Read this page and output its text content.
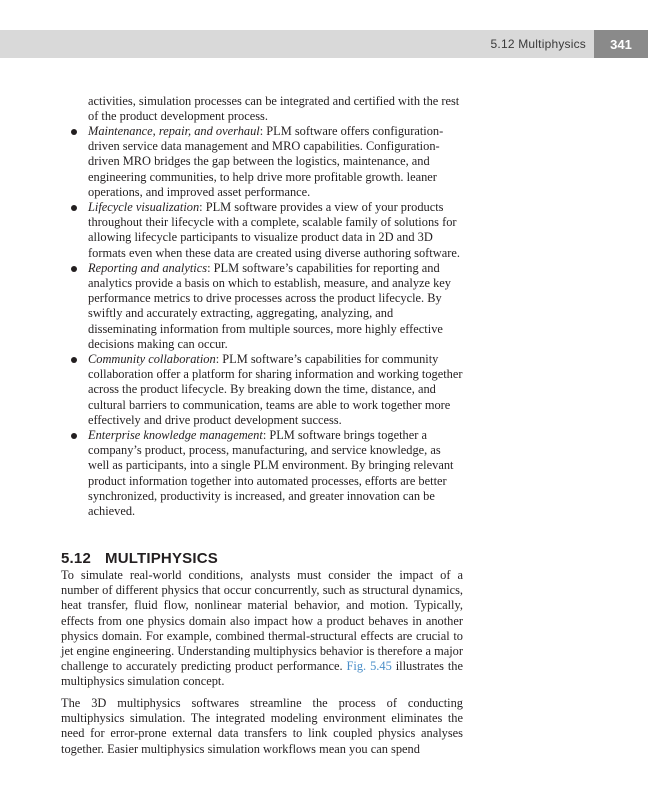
5.12 Multiphysics	341
activities, simulation processes can be integrated and certified with the rest of the product development process.
Maintenance, repair, and overhaul: PLM software offers configuration-driven service data management and MRO capabilities. Configuration-driven MRO bridges the gap between the logistics, maintenance, and engineering communities, to help drive more profitable growth. leaner operations, and improved asset performance.
Lifecycle visualization: PLM software provides a view of your products throughout their lifecycle with a complete, scalable family of solutions for allowing lifecycle participants to visualize product data in 2D and 3D formats even when these data are created using diverse authoring software.
Reporting and analytics: PLM software’s capabilities for reporting and analytics provide a basis on which to establish, measure, and analyze key performance metrics to drive processes across the product lifecycle. By swiftly and accurately extracting, aggregating, analyzing, and disseminating information from multiple sources, more highly effective decisions making can occur.
Community collaboration: PLM software’s capabilities for community collaboration offer a platform for sharing information and working together across the product lifecycle. By breaking down the time, distance, and cultural barriers to communication, teams are able to work together more effectively and drive product development success.
Enterprise knowledge management: PLM software brings together a company’s product, process, manufacturing, and service knowledge, as well as participants, into a single PLM environment. By bringing relevant product information together into automated processes, efforts are better synchronized, productivity is increased, and greater innovation can be achieved.
5.12 MULTIPHYSICS

To simulate real-world conditions, analysts must consider the impact of a number of different physics that occur concurrently, such as structural dynamics, heat transfer, fluid flow, nonlinear material behavior, and motion. Typically, effects from one physics domain also impact how a product behaves in another physics domain. For example, combined thermal-structural effects are crucial to jet engine engineering. Understanding multiphysics behavior is therefore a major challenge to accurately predicting product performance. Fig. 5.45 illustrates the multiphysics simulation concept.

The 3D multiphysics softwares streamline the process of conducting multiphysics simulation. The integrated modeling environment eliminates the need for error-prone external data transfers to link coupled physics analyses together. Easier multiphysics simulation workflows mean you can spend
